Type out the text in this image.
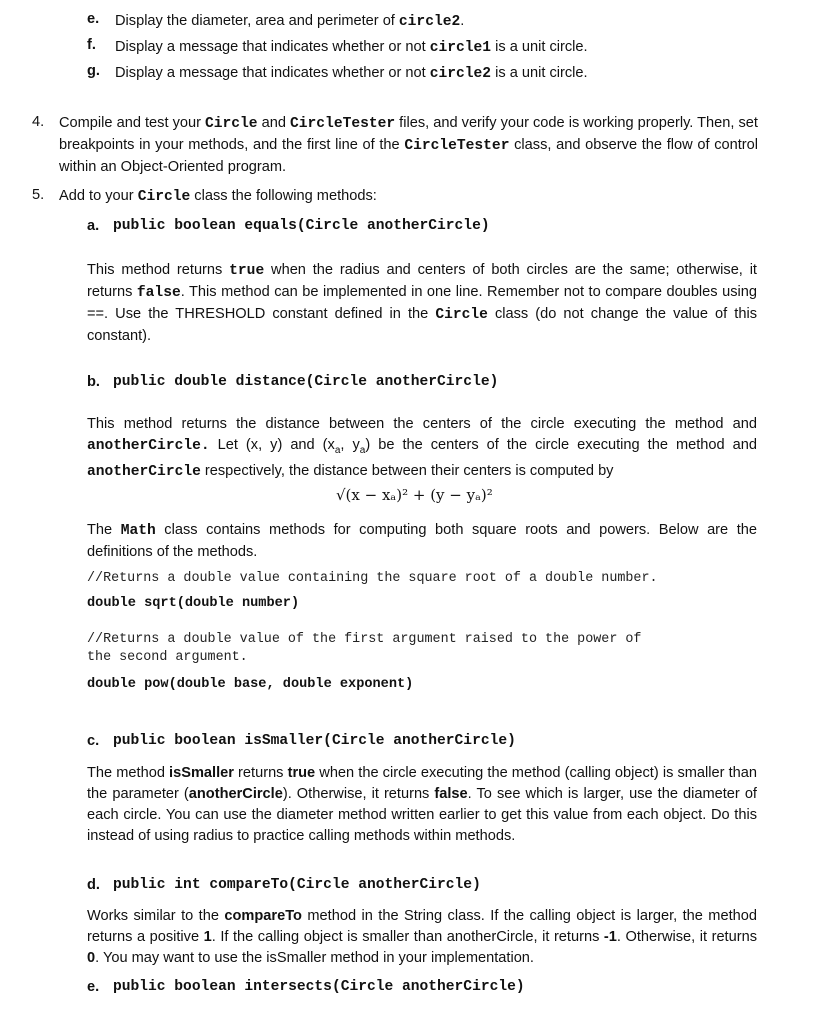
e. Display the diameter, area and perimeter of circle2.
f. Display a message that indicates whether or not circle1 is a unit circle.
g. Display a message that indicates whether or not circle2 is a unit circle.
4. Compile and test your Circle and CircleTester files, and verify your code is working properly. Then, set breakpoints in your methods, and the first line of the CircleTester class, and observe the flow of control within an Object-Oriented program.
5. Add to your Circle class the following methods:
a. public boolean equals(Circle anotherCircle)
This method returns true when the radius and centers of both circles are the same; otherwise, it returns false. This method can be implemented in one line. Remember not to compare doubles using ==. Use the THRESHOLD constant defined in the Circle class (do not change the value of this constant).
b. public double distance(Circle anotherCircle)
This method returns the distance between the centers of the circle executing the method and anotherCircle. Let (x, y) and ($x_a$, $y_a$) be the centers of the circle executing the method and anotherCircle respectively, the distance between their centers is computed by
√(x − xₐ)² + (y − yₐ)²
The Math class contains methods for computing both square roots and powers. Below are the definitions of the methods.
//Returns a double value containing the square root of a double number.
double sqrt(double number)
//Returns a double value of the first argument raised to the power of
the second argument.
double pow(double base, double exponent)
c. public boolean isSmaller(Circle anotherCircle)
The method isSmaller returns true when the circle executing the method (calling object) is smaller than the parameter (anotherCircle). Otherwise, it returns false. To see which is larger, use the diameter of each circle. You can use the diameter method written earlier to get this value from each object. Do this instead of using radius to practice calling methods within methods.
d. public int compareTo(Circle anotherCircle)
Works similar to the compareTo method in the String class. If the calling object is larger, the method returns a positive 1. If the calling object is smaller than anotherCircle, it returns -1. Otherwise, it returns 0. You may want to use the isSmaller method in your implementation.
e. public boolean intersects(Circle anotherCircle)
